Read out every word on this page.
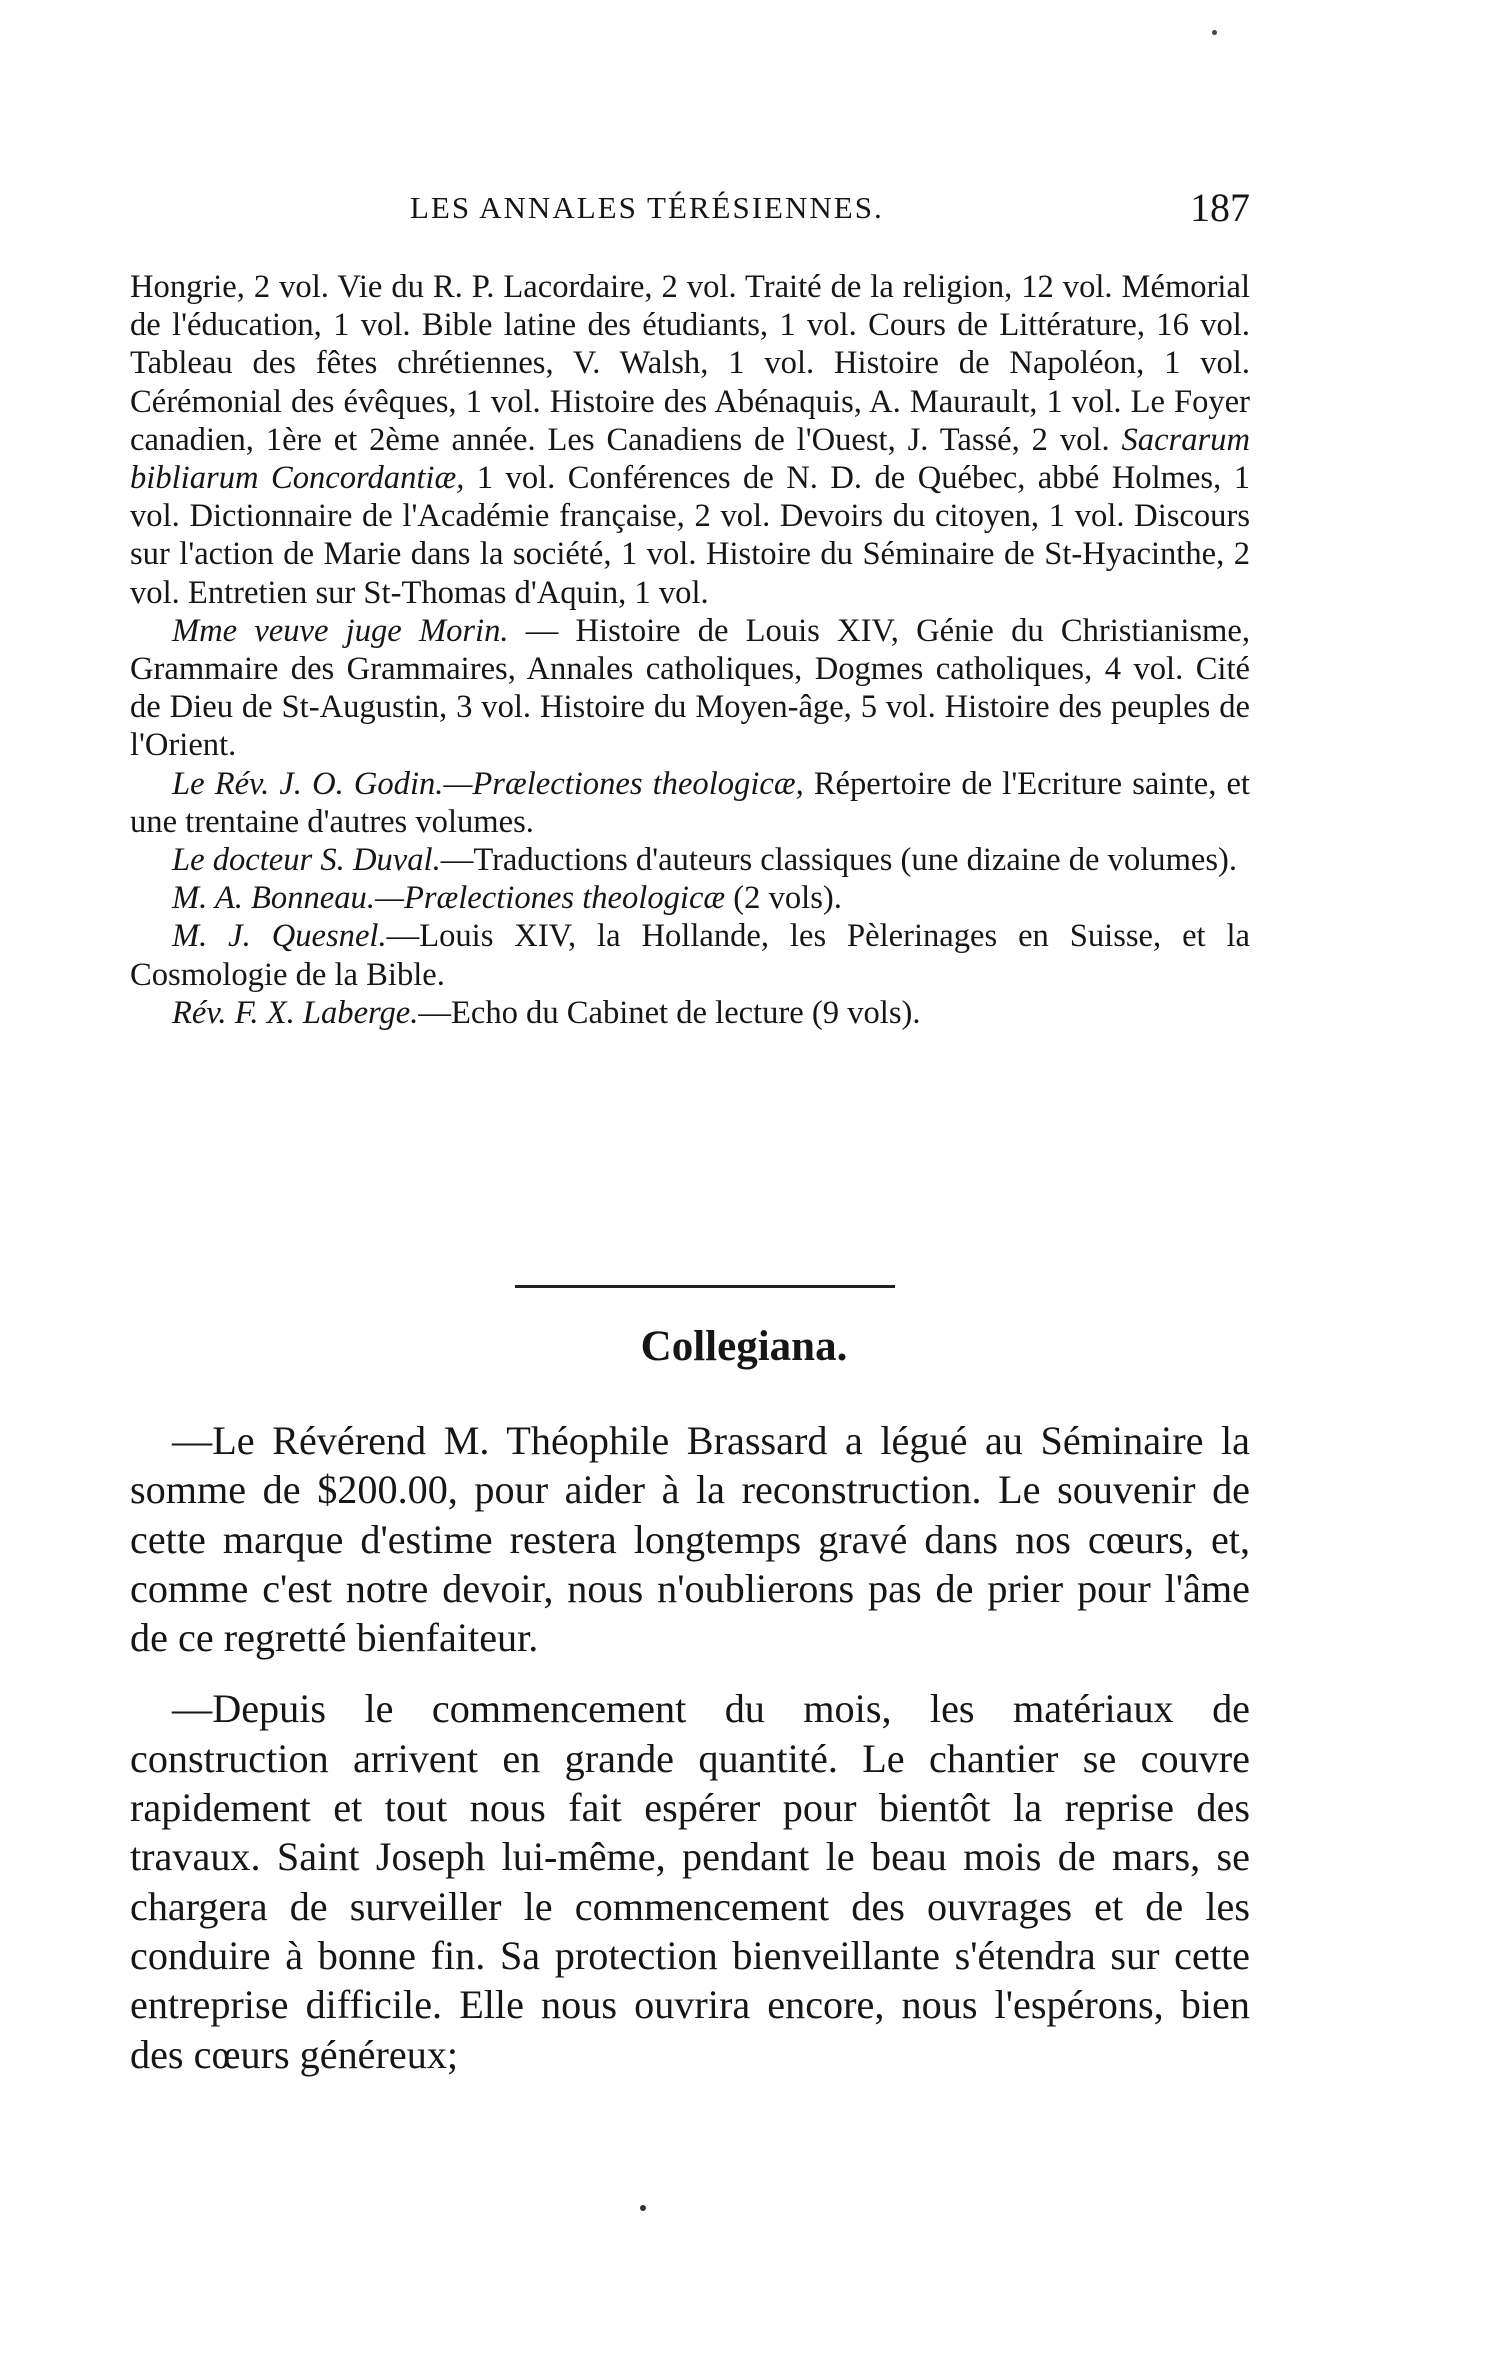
LES ANNALES TÉRÉSIENNES.	187

Hongrie, 2 vol. Vie du R. P. Lacordaire, 2 vol. Traité de la religion, 12 vol. Mémorial de l'éducation, 1 vol. Bible latine des étudiants, 1 vol. Cours de Littérature, 16 vol. Tableau des fêtes chrétiennes, V. Walsh, 1 vol. Histoire de Napoléon, 1 vol. Cérémonial des évêques, 1 vol. Histoire des Abénaquis, A. Maurault, 1 vol. Le Foyer canadien, 1ère et 2ème année. Les Canadiens de l'Ouest, J. Tassé, 2 vol. Sacrarum bibliarum Concordantiæ, 1 vol. Conférences de N. D. de Québec, abbé Holmes, 1 vol. Dictionnaire de l'Académie française, 2 vol. Devoirs du citoyen, 1 vol. Discours sur l'action de Marie dans la société, 1 vol. Histoire du Séminaire de St-Hyacinthe, 2 vol. Entretien sur St-Thomas d'Aquin, 1 vol.

Mme veuve juge Morin. — Histoire de Louis XIV, Génie du Christianisme, Grammaire des Grammaires, Annales catholiques, Dogmes catholiques, 4 vol. Cité de Dieu de St-Augustin, 3 vol. Histoire du Moyen-âge, 5 vol. Histoire des peuples de l'Orient.

Le Rév. J. O. Godin.—Prælectiones theologicæ, Répertoire de l'Ecriture sainte, et une trentaine d'autres volumes.

Le docteur S. Duval.—Traductions d'auteurs classiques (une dizaine de volumes).

M. A. Bonneau.—Prælectiones theologicæ (2 vols).

M. J. Quesnel.—Louis XIV, la Hollande, les Pèlerinages en Suisse, et la Cosmologie de la Bible.

Rév. F. X. Laberge.—Echo du Cabinet de lecture (9 vols).

Collegiana.

—Le Révérend M. Théophile Brassard a légué au Séminaire la somme de $200.00, pour aider à la reconstruction. Le souvenir de cette marque d'estime restera longtemps gravé dans nos cœurs, et, comme c'est notre devoir, nous n'oublierons pas de prier pour l'âme de ce regretté bienfaiteur.

—Depuis le commencement du mois, les matériaux de construction arrivent en grande quantité. Le chantier se couvre rapidement et tout nous fait espérer pour bientôt la reprise des travaux. Saint Joseph lui-même, pendant le beau mois de mars, se chargera de surveiller le commencement des ouvrages et de les conduire à bonne fin. Sa protection bienveillante s'étendra sur cette entreprise difficile. Elle nous ouvrira encore, nous l'espérons, bien des cœurs généreux;
